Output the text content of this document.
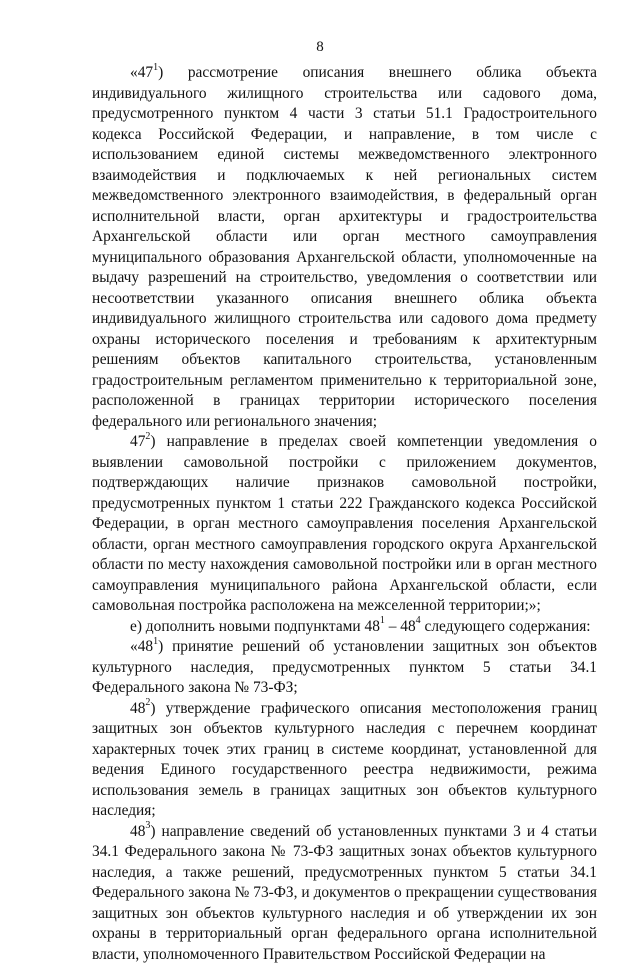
8

«$47^1$) рассмотрение описания внешнего облика объекта индивидуального жилищного строительства или садового дома, предусмотренного пунктом 4 части 3 статьи 51.1 Градостроительного кодекса Российской Федерации, и направление, в том числе с использованием единой системы межведомственного электронного взаимодействия и подключаемых к ней региональных систем межведомственного электронного взаимодействия, в федеральный орган исполнительной власти, орган архитектуры и градостроительства Архангельской области или орган местного самоуправления муниципального образования Архангельской области, уполномоченные на выдачу разрешений на строительство, уведомления о соответствии или несоответствии указанного описания внешнего облика объекта индивидуального жилищного строительства или садового дома предмету охраны исторического поселения и требованиям к архитектурным решениям объектов капитального строительства, установленным градостроительным регламентом применительно к территориальной зоне, расположенной в границах территории исторического поселения федерального или регионального значения;

$47^2$) направление в пределах своей компетенции уведомления о выявлении самовольной постройки с приложением документов, подтверждающих наличие признаков самовольной постройки, предусмотренных пунктом 1 статьи 222 Гражданского кодекса Российской Федерации, в орган местного самоуправления поселения Архангельской области, орган местного самоуправления городского округа Архангельской области по месту нахождения самовольной постройки или в орган местного самоуправления муниципального района Архангельской области, если самовольная постройка расположена на межселенной территории;»;

е) дополнить новыми подпунктами $48^1 - 48^4$ следующего содержания:

«$48^1$) принятие решений об установлении защитных зон объектов культурного наследия, предусмотренных пунктом 5 статьи 34.1 Федерального закона № 73-ФЗ;

$48^2$) утверждение графического описания местоположения границ защитных зон объектов культурного наследия с перечнем координат характерных точек этих границ в системе координат, установленной для ведения Единого государственного реестра недвижимости, режима использования земель в границах защитных зон объектов культурного наследия;

$48^3$) направление сведений об установленных пунктами 3 и 4 статьи 34.1 Федерального закона № 73-ФЗ защитных зонах объектов культурного наследия, а также решений, предусмотренных пунктом 5 статьи 34.1 Федерального закона № 73-ФЗ, и документов о прекращении существования защитных зон объектов культурного наследия и об утверждении их зон охраны в территориальный орган федерального органа исполнительной власти, уполномоченного Правительством Российской Федерации на
